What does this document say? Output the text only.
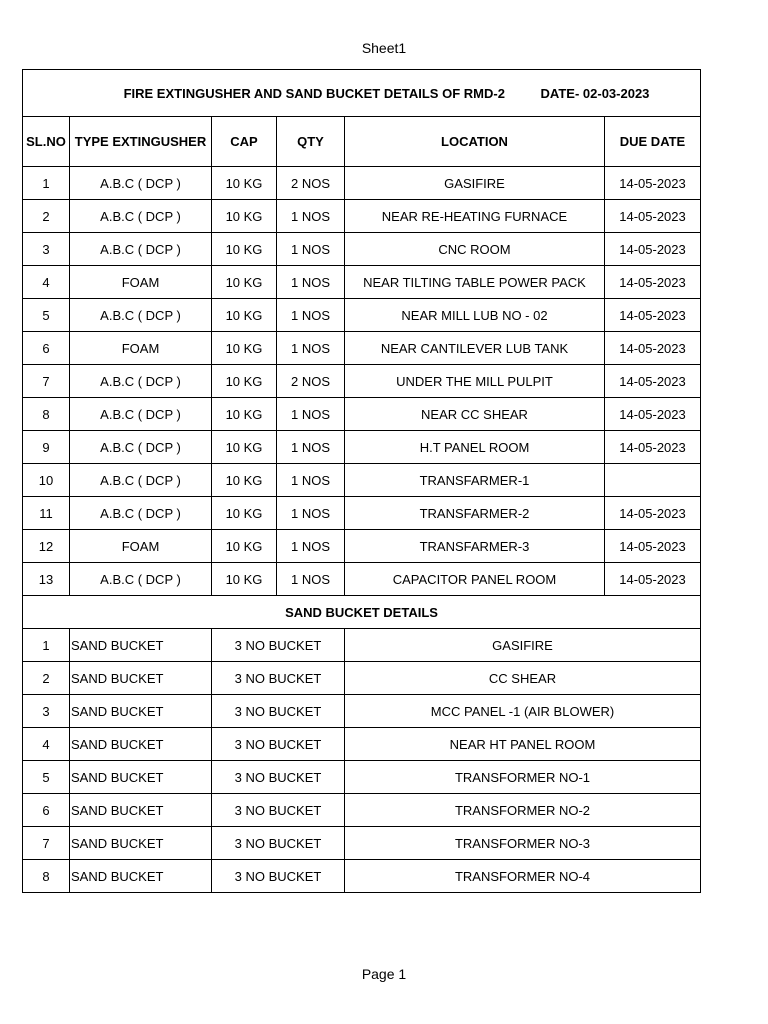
Sheet1
FIRE EXTINGUSHER AND SAND BUCKET DETAILS OF RMD-2 DATE- 02-03-2023					
SL.NO	TYPE EXTINGUSHER	CAP	QTY	LOCATION	DUE DATE
1	A.B.C ( DCP )	10 KG	2 NOS	GASIFIRE	14-05-2023
2	A.B.C ( DCP )	10 KG	1 NOS	NEAR RE-HEATING FURNACE	14-05-2023
3	A.B.C ( DCP )	10 KG	1 NOS	CNC ROOM	14-05-2023
4	FOAM	10 KG	1 NOS	NEAR TILTING TABLE POWER PACK	14-05-2023
5	A.B.C ( DCP )	10 KG	1 NOS	NEAR MILL LUB NO - 02	14-05-2023
6	FOAM	10 KG	1 NOS	NEAR CANTILEVER LUB TANK	14-05-2023
7	A.B.C ( DCP )	10 KG	2 NOS	UNDER THE MILL PULPIT	14-05-2023
8	A.B.C ( DCP )	10 KG	1 NOS	NEAR CC SHEAR	14-05-2023
9	A.B.C ( DCP )	10 KG	1 NOS	H.T PANEL ROOM	14-05-2023
10	A.B.C ( DCP )	10 KG	1 NOS	TRANSFARMER-1	
11	A.B.C ( DCP )	10 KG	1 NOS	TRANSFARMER-2	14-05-2023
12	FOAM	10 KG	1 NOS	TRANSFARMER-3	14-05-2023
13	A.B.C ( DCP )	10 KG	1 NOS	CAPACITOR PANEL ROOM	14-05-2023
SAND BUCKET DETAILS					
1	SAND BUCKET	3 NO BUCKET		GASIFIRE	
2	SAND BUCKET	3 NO BUCKET		CC SHEAR	
3	SAND BUCKET	3 NO BUCKET		MCC PANEL -1 (AIR BLOWER)	
4	SAND BUCKET	3 NO BUCKET		NEAR HT PANEL ROOM	
5	SAND BUCKET	3 NO BUCKET		TRANSFORMER NO-1	
6	SAND BUCKET	3 NO BUCKET		TRANSFORMER NO-2	
7	SAND BUCKET	3 NO BUCKET		TRANSFORMER NO-3	
8	SAND BUCKET	3 NO BUCKET		TRANSFORMER NO-4	
Page 1
